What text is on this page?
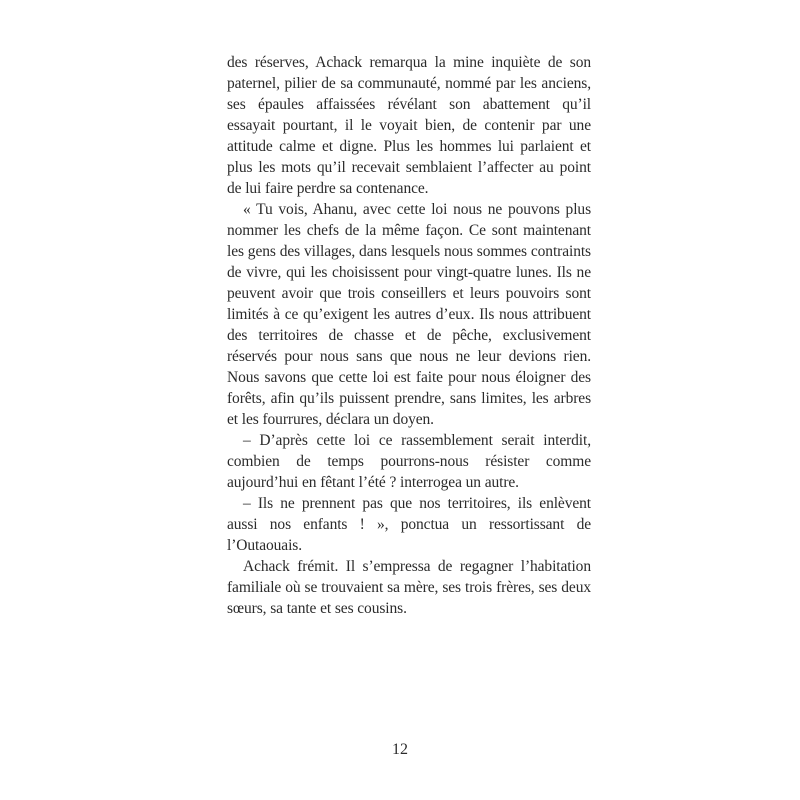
des réserves, Achack remarqua la mine inquiète de son paternel, pilier de sa communauté, nommé par les anciens, ses épaules affaissées révélant son abattement qu’il essayait pourtant, il le voyait bien, de contenir par une attitude calme et digne. Plus les hommes lui parlaient et plus les mots qu’il recevait semblaient l’affecter au point de lui faire perdre sa contenance.

« Tu vois, Ahanu, avec cette loi nous ne pouvons plus nommer les chefs de la même façon. Ce sont maintenant les gens des villages, dans lesquels nous sommes contraints de vivre, qui les choisissent pour vingt-quatre lunes. Ils ne peuvent avoir que trois conseillers et leurs pouvoirs sont limités à ce qu’exigent les autres d’eux. Ils nous attribuent des territoires de chasse et de pêche, exclusivement réservés pour nous sans que nous ne leur devions rien. Nous savons que cette loi est faite pour nous éloigner des forêts, afin qu’ils puissent prendre, sans limites, les arbres et les fourrures, déclara un doyen.

– D’après cette loi ce rassemblement serait interdit, combien de temps pourrons-nous résister comme aujourd’hui en fêtant l’été ? interrogea un autre.

– Ils ne prennent pas que nos territoires, ils enlèvent aussi nos enfants ! », ponctua un ressortissant de l’Outaouais.

Achack frémit. Il s’empressa de regagner l’habitation familiale où se trouvaient sa mère, ses trois frères, ses deux sœurs, sa tante et ses cousins.

12
